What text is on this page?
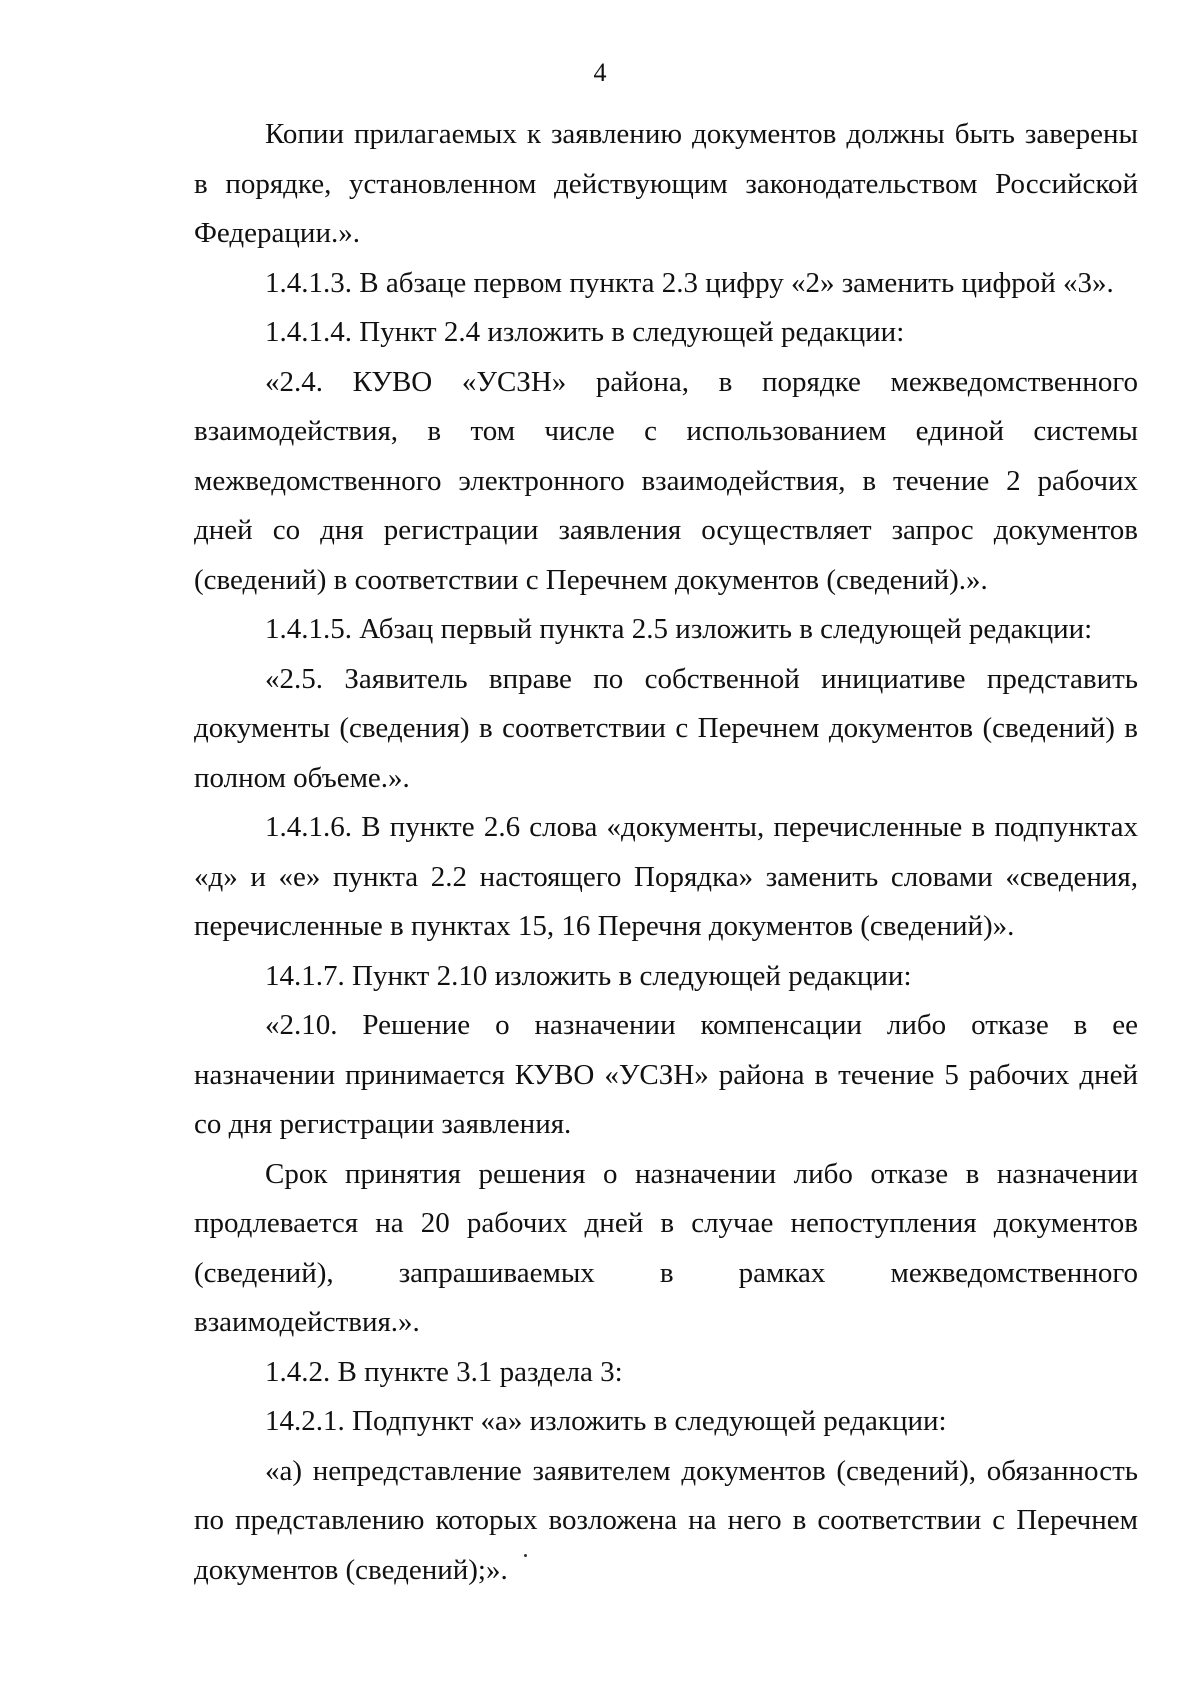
4

Копии прилагаемых к заявлению документов должны быть заверены в порядке, установленном действующим законодательством Российской Федерации.».

1.4.1.3. В абзаце первом пункта 2.3 цифру «2» заменить цифрой «3».

1.4.1.4. Пункт 2.4 изложить в следующей редакции:

«2.4. КУВО «УСЗН» района, в порядке межведомственного взаимодействия, в том числе с использованием единой системы межведомственного электронного взаимодействия, в течение 2 рабочих дней со дня регистрации заявления осуществляет запрос документов (сведений) в соответствии с Перечнем документов (сведений).».

1.4.1.5. Абзац первый пункта 2.5 изложить в следующей редакции:

«2.5. Заявитель вправе по собственной инициативе представить документы (сведения) в соответствии с Перечнем документов (сведений) в полном объеме.».

1.4.1.6. В пункте 2.6 слова «документы, перечисленные в подпунктах «д» и «е» пункта 2.2 настоящего Порядка» заменить словами «сведения, перечисленные в пунктах 15, 16 Перечня документов (сведений)».

14.1.7. Пункт 2.10 изложить в следующей редакции:

«2.10. Решение о назначении компенсации либо отказе в ее назначении принимается КУВО «УСЗН» района в течение 5 рабочих дней со дня регистрации заявления.

Срок принятия решения о назначении либо отказе в назначении продлевается на 20 рабочих дней в случае непоступления документов (сведений), запрашиваемых в рамках межведомственного взаимодействия.».

1.4.2. В пункте 3.1 раздела 3:

14.2.1. Подпункт «а» изложить в следующей редакции:

«а) непредставление заявителем документов (сведений), обязанность по представлению которых возложена на него в соответствии с Перечнем документов (сведений);».
